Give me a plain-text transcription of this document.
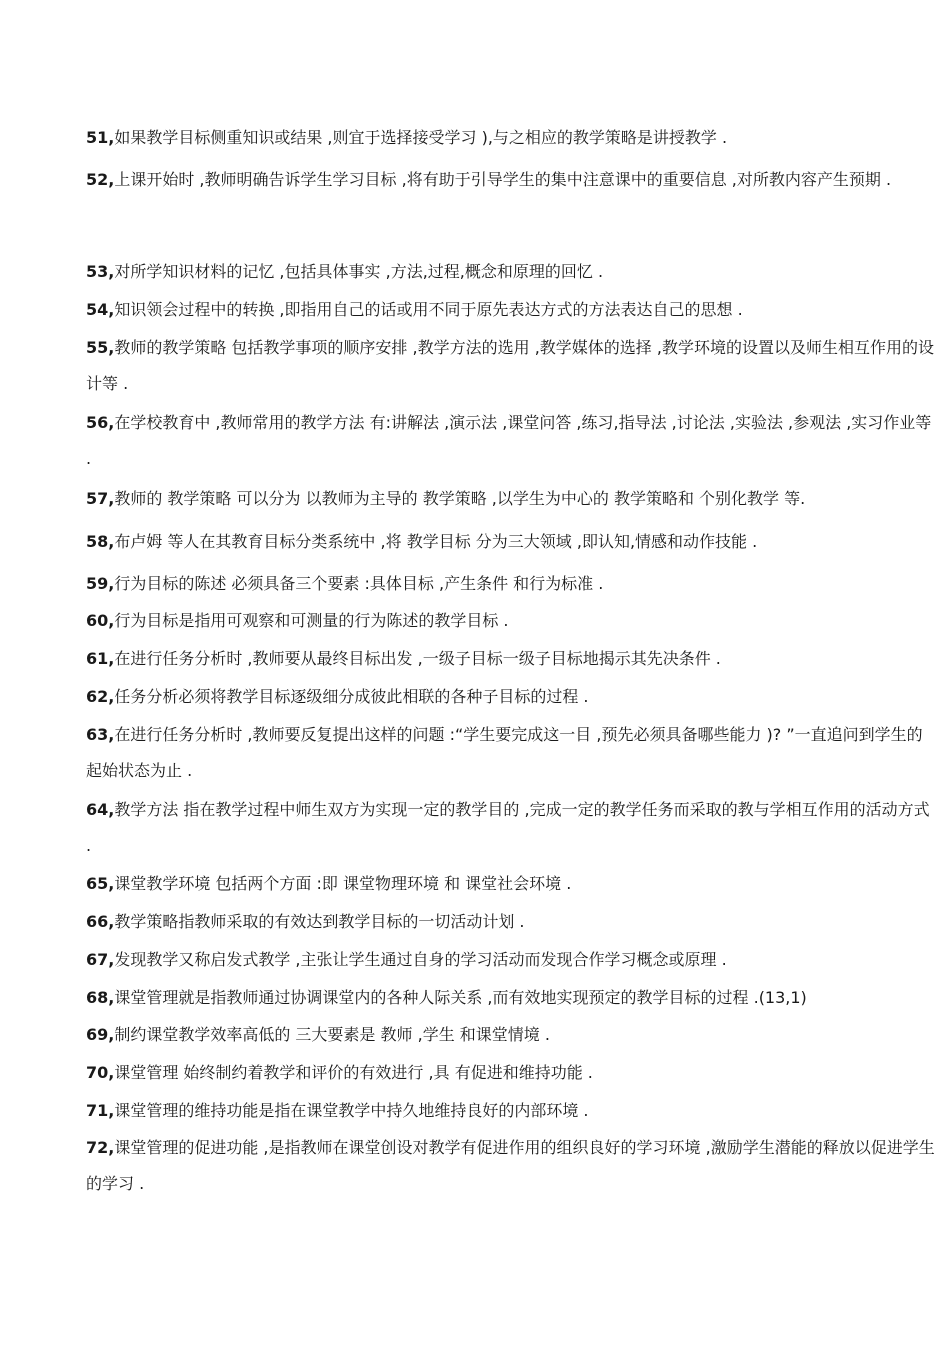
51,如果教学目标侧重知识或结果 ,则宜于选择接受学习 ),与之相应的教学策略是讲授教学 .
52,上课开始时 ,教师明确告诉学生学习目标 ,将有助于引导学生的集中注意课中的重要信息 ,对所教内容产生预期 .
53,对所学知识材料的记忆 ,包括具体事实 ,方法,过程,概念和原理的回忆 .
54,知识领会过程中的转换 ,即指用自己的话或用不同于原先表达方式的方法表达自己的思想 .
55,教师的教学策略 包括教学事项的顺序安排 ,教学方法的选用 ,教学媒体的选择 ,教学环境的设置以及师生相互作用的设计等 .
56,在学校教育中 ,教师常用的教学方法 有:讲解法 ,演示法 ,课堂问答 ,练习,指导法 ,讨论法 ,实验法 ,参观法 ,实习作业等 .
57,教师的 教学策略 可以分为 以教师为主导的 教学策略 ,以学生为中心的 教学策略和 个别化教学 等.
58,布卢姆 等人在其教育目标分类系统中 ,将 教学目标 分为三大领域 ,即认知,情感和动作技能 .
59,行为目标的陈述 必须具备三个要素 :具体目标 ,产生条件 和行为标准 .
60,行为目标是指用可观察和可测量的行为陈述的教学目标 .
61,在进行任务分析时 ,教师要从最终目标出发 ,一级子目标一级子目标地揭示其先决条件 .
62,任务分析必须将教学目标逐级细分成彼此相联的各种子目标的过程 .
63,在进行任务分析时 ,教师要反复提出这样的问题 :“学生要完成这一目 ,预先必须具备哪些能力 )? ”一直追问到学生的起始状态为止 .
64,教学方法 指在教学过程中师生双方为实现一定的教学目的 ,完成一定的教学任务而采取的教与学相互作用的活动方式 .
65,课堂教学环境 包括两个方面 :即 课堂物理环境 和 课堂社会环境 .
66,教学策略指教师采取的有效达到教学目标的一切活动计划 .
67,发现教学又称启发式教学 ,主张让学生通过自身的学习活动而发现合作学习概念或原理 .
68,课堂管理就是指教师通过协调课堂内的各种人际关系 ,而有效地实现预定的教学目标的过程 .(13,1)
69,制约课堂教学效率高低的 三大要素是 教师 ,学生 和课堂情境 .
70,课堂管理 始终制约着教学和评价的有效进行 ,具 有促进和维持功能 .
71,课堂管理的维持功能是指在课堂教学中持久地维持良好的内部环境 .
72,课堂管理的促进功能 ,是指教师在课堂创设对教学有促进作用的组织良好的学习环境 ,激励学生潜能的释放以促进学生的学习 .
